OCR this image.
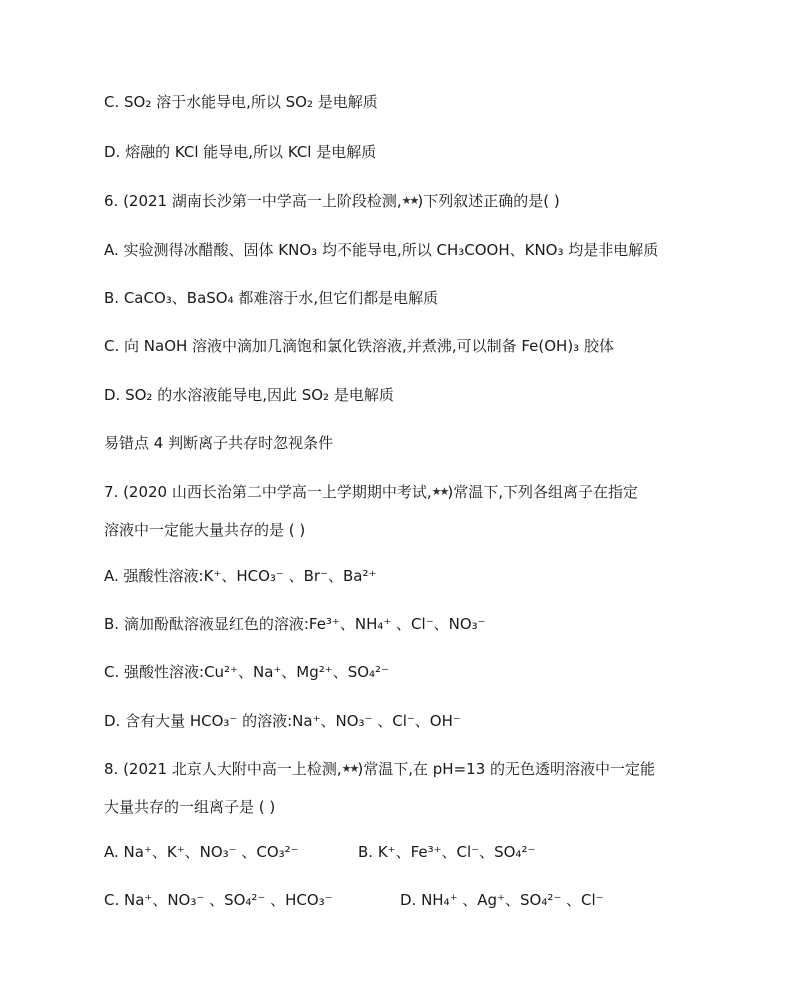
C. SO₂ 溶于水能导电,所以 SO₂ 是电解质
D. 熔融的 KCl 能导电,所以 KCl 是电解质
6. (2021 湖南长沙第一中学高一上阶段检测,★★)下列叙述正确的是( )
A. 实验测得冰醋酸、固体 KNO₃ 均不能导电,所以 CH₃COOH、KNO₃ 均是非电解质
B. CaCO₃、BaSO₄ 都难溶于水,但它们都是电解质
C. 向 NaOH 溶液中滴加几滴饱和氯化铁溶液,并煮沸,可以制备 Fe(OH)₃ 胶体
D. SO₂ 的水溶液能导电,因此 SO₂ 是电解质
易错点 4 判断离子共存时忽视条件
7. (2020 山西长治第二中学高一上学期期中考试,★★)常温下,下列各组离子在指定
溶液中一定能大量共存的是 ( )
A. 强酸性溶液:K⁺、HCO₃⁻ 、Br⁻、Ba²⁺
B. 滴加酚酞溶液显红色的溶液:Fe³⁺、NH₄⁺ 、Cl⁻、NO₃⁻
C. 强酸性溶液:Cu²⁺、Na⁺、Mg²⁺、SO₄²⁻
D. 含有大量 HCO₃⁻ 的溶液:Na⁺、NO₃⁻ 、Cl⁻、OH⁻
8. (2021 北京人大附中高一上检测,★★)常温下,在 pH=13 的无色透明溶液中一定能
大量共存的一组离子是 ( )
A. Na⁺、K⁺、NO₃⁻ 、CO₃²⁻	B. K⁺、Fe³⁺、Cl⁻、SO₄²⁻
C. Na⁺、NO₃⁻ 、SO₄²⁻ 、HCO₃⁻	D. NH₄⁺ 、Ag⁺、SO₄²⁻ 、Cl⁻
